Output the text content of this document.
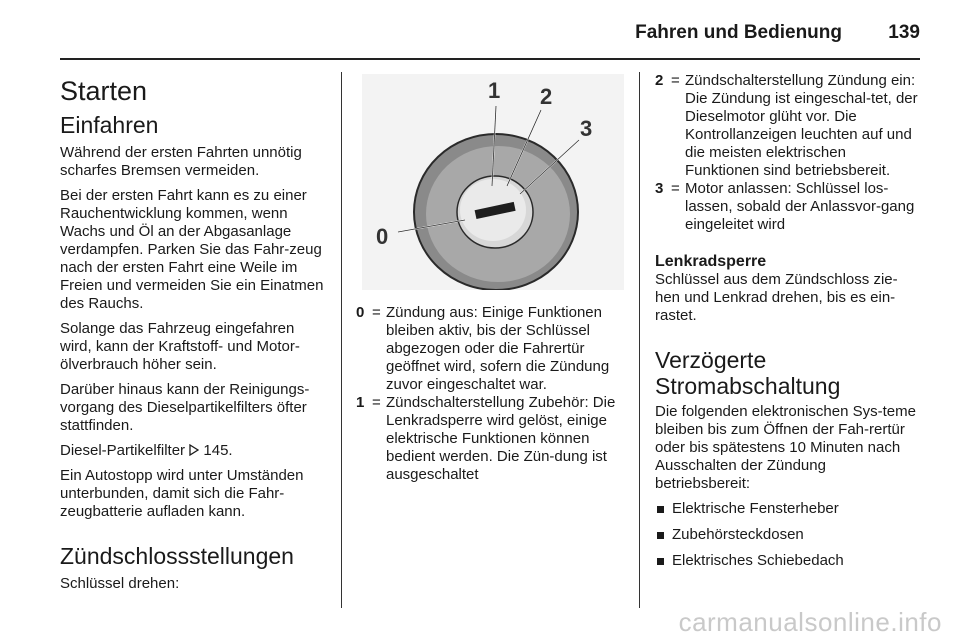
Fahren und Bedienung 139
Starten
Einfahren

Während der ersten Fahrten unnötig scharfes Bremsen vermeiden.

Bei der ersten Fahrt kann es zu einer Rauchentwicklung kommen, wenn Wachs und Öl an der Abgasanlage verdampfen. Parken Sie das Fahr-zeug nach der ersten Fahrt eine Weile im Freien und vermeiden Sie ein Einatmen des Rauchs.

Solange das Fahrzeug eingefahren wird, kann der Kraftstoff- und Motor-ölverbrauch höher sein.

Darüber hinaus kann der Reinigungs-vorgang des Dieselpartikelfilters öfter stattfinden.

Diesel-Partikelfilter 145.

Ein Autostopp wird unter Umständen unterbunden, damit sich die Fahr-zeugbatterie aufladen kann.

Zündschlossstellungen

Schlüssel drehen:

0
1 2
3
0 = Zündung aus: Einige Funktionen bleiben aktiv, bis der Schlüssel abgezogen oder die Fahrertür geöffnet wird, sofern die Zündung zuvor eingeschaltet war.
1 = Zündschalterstellung Zubehör: Die Lenkradsperre wird gelöst, einige elektrische Funktionen können bedient werden. Die Zün-dung ist ausgeschaltet
2 = Zündschalterstellung Zündung ein: Die Zündung ist eingeschal-tet, der Dieselmotor glüht vor. Die Kontrollanzeigen leuchten auf und die meisten elektrischen Funktionen sind betriebsbereit.
3 = Motor anlassen: Schlüssel los-lassen, sobald der Anlassvor-gang eingeleitet wird
Lenkradsperre

Schlüssel aus dem Zündschloss zie-hen und Lenkrad drehen, bis es ein-rastet.

Verzögerte
Stromabschaltung

Die folgenden elektronischen Sys-teme bleiben bis zum Öffnen der Fah-rertür oder bis spätestens 10 Minuten nach Ausschalten der Zündung betriebsbereit:

Elektrische Fensterheber
Zubehörsteckdosen
Elektrisches Schiebedach
carmanualsonline.info
